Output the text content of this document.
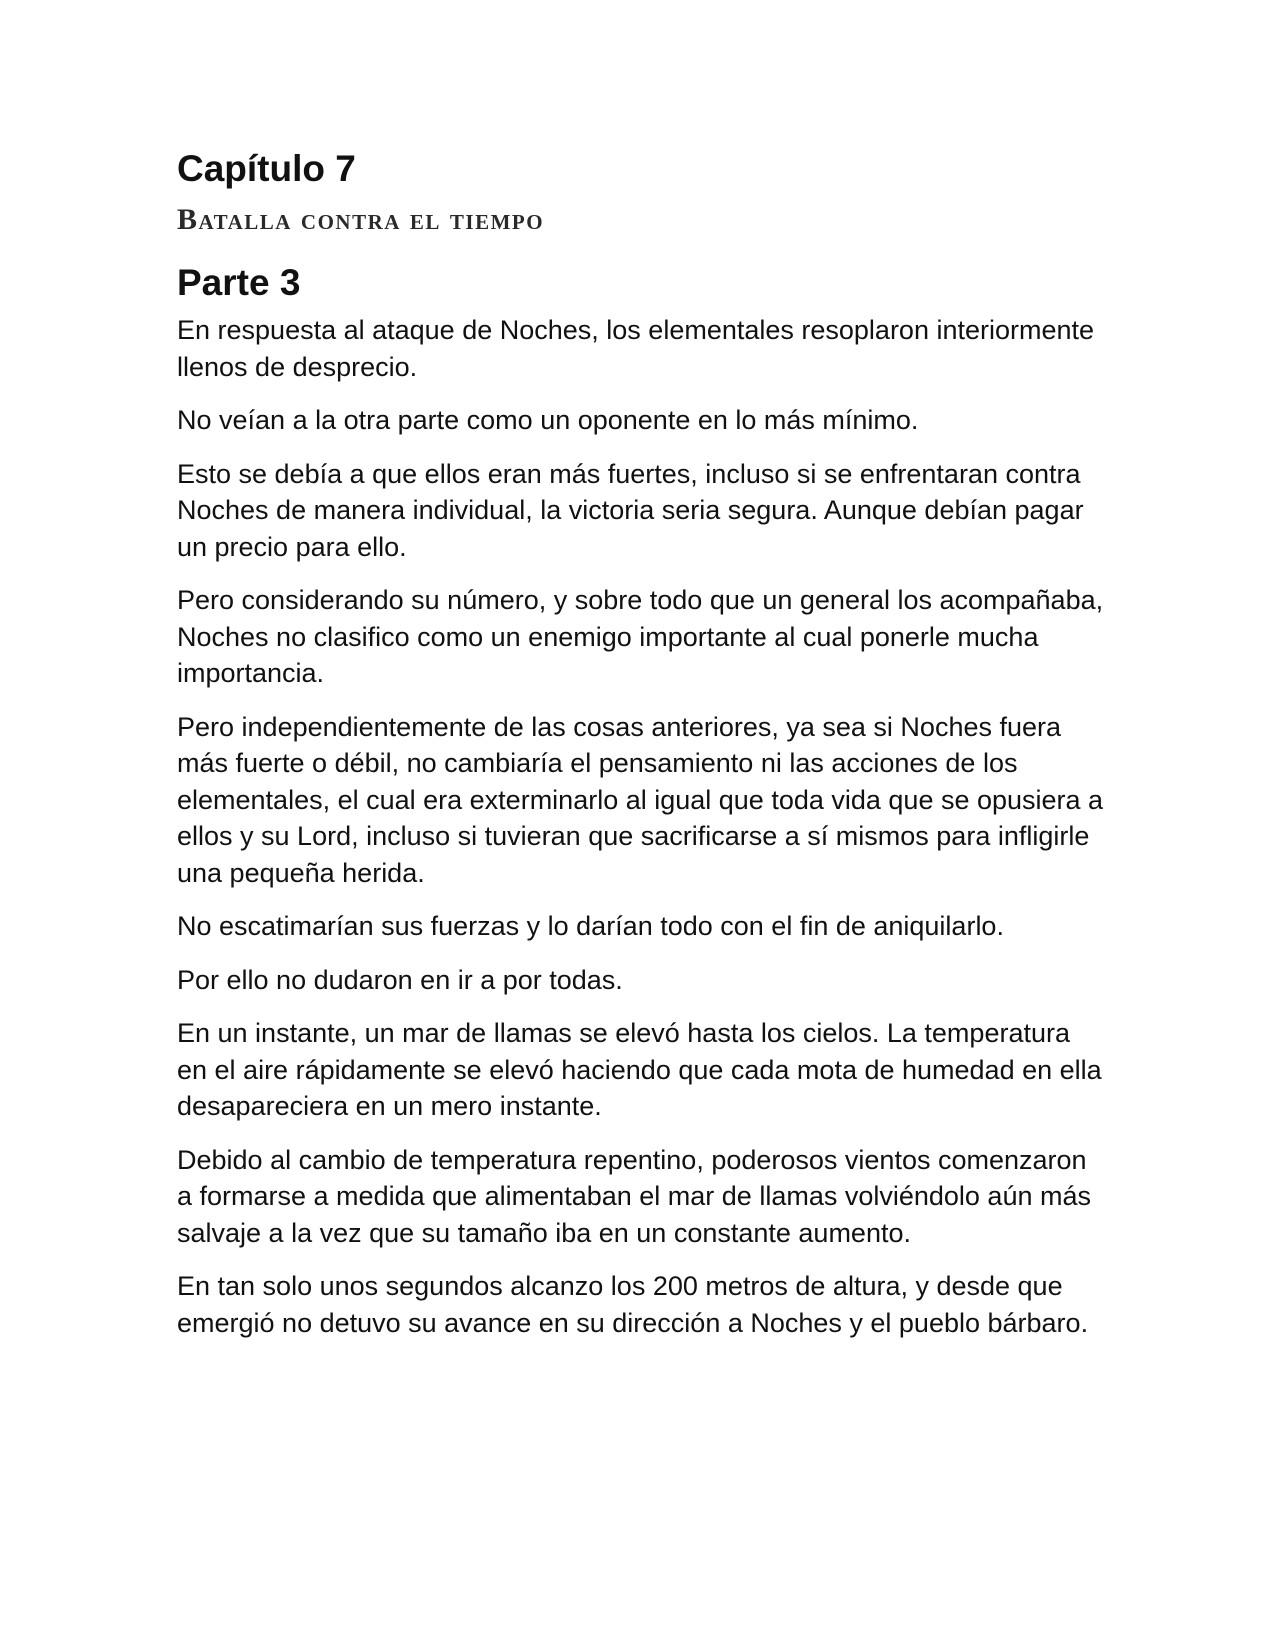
Capítulo 7
Batalla contra el tiempo
Parte 3

En respuesta al ataque de Noches, los elementales resoplaron interiormente llenos de desprecio.

No veían a la otra parte como un oponente en lo más mínimo.

Esto se debía a que ellos eran más fuertes, incluso si se enfrentaran contra Noches de manera individual, la victoria seria segura. Aunque debían pagar un precio para ello.

Pero considerando su número, y sobre todo que un general los acompañaba, Noches no clasifico como un enemigo importante al cual ponerle mucha importancia.

Pero independientemente de las cosas anteriores, ya sea si Noches fuera más fuerte o débil, no cambiaría el pensamiento ni las acciones de los elementales, el cual era exterminarlo al igual que toda vida que se opusiera a ellos y su Lord, incluso si tuvieran que sacrificarse a sí mismos para infligirle una pequeña herida.

No escatimarían sus fuerzas y lo darían todo con el fin de aniquilarlo.

Por ello no dudaron en ir a por todas.

En un instante, un mar de llamas se elevó hasta los cielos. La temperatura en el aire rápidamente se elevó haciendo que cada mota de humedad en ella desapareciera en un mero instante.

Debido al cambio de temperatura repentino, poderosos vientos comenzaron a formarse a medida que alimentaban el mar de llamas volviéndolo aún más salvaje a la vez que su tamaño iba en un constante aumento.

En tan solo unos segundos alcanzo los 200 metros de altura, y desde que emergió no detuvo su avance en su dirección a Noches y el pueblo bárbaro.
